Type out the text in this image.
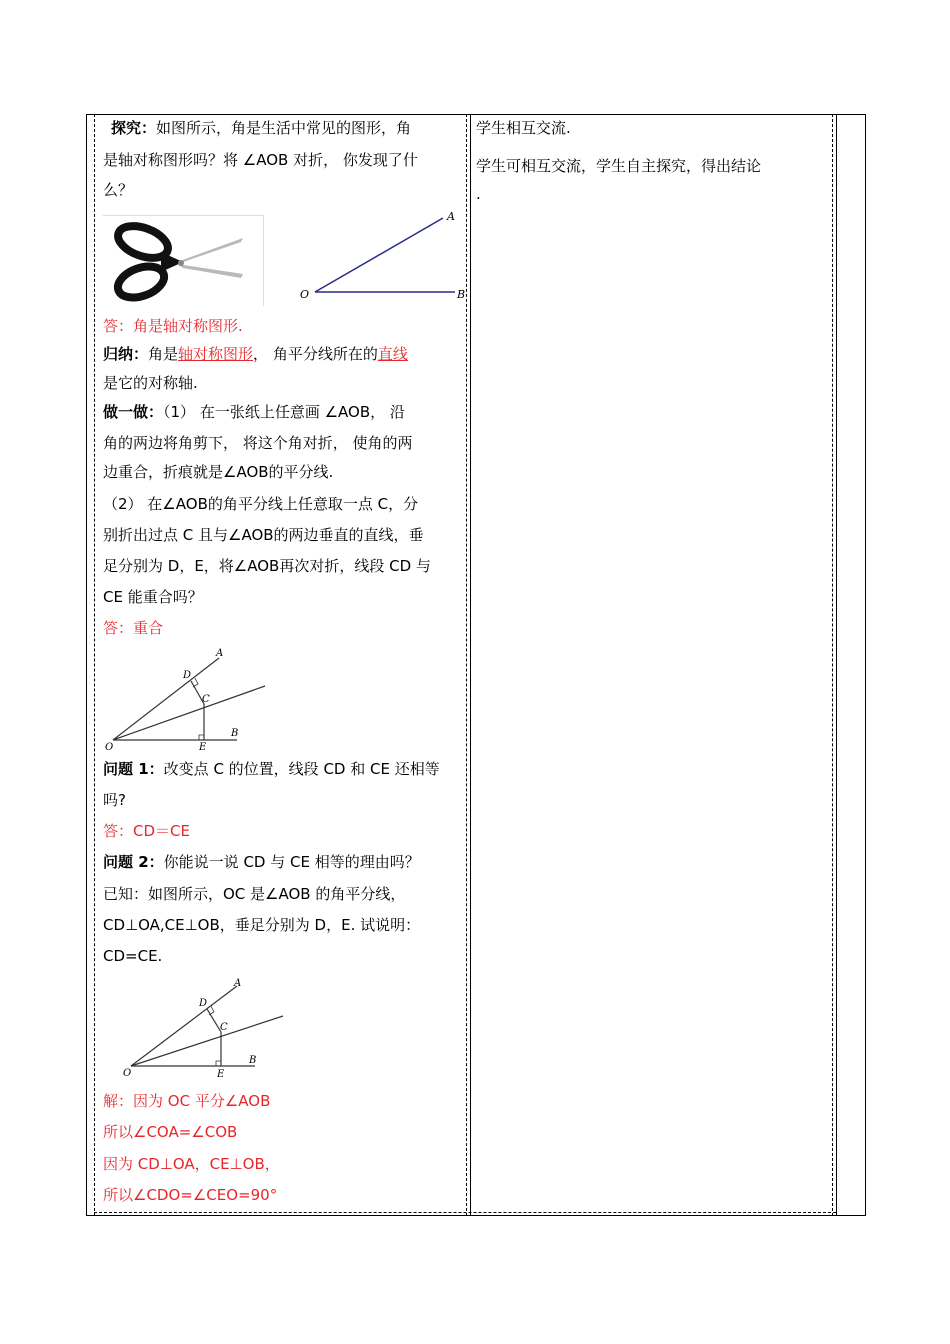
探究：如图所示，角是生活中常见的图形，角
是轴对称图形吗？将 ∠AOB 对折， 你发现了什
么？
A
O	B
答：角是轴对称图形.
归纳：角是轴对称图形， 角平分线所在的直线
是它的对称轴.
做一做：（1） 在一张纸上任意画 ∠AOB， 沿
角的两边将角剪下， 将这个角对折， 使角的两
边重合，折痕就是∠AOB的平分线.
（2） 在∠AOB的角平分线上任意取一点 C，分
别折出过点 C 且与∠AOB的两边垂直的直线，垂
足分别为 D，E，将∠AOB再次对折，线段 CD 与
CE 能重合吗？
答：重合
A
D
C
O	E
B
问题 1：改变点 C 的位置，线段 CD 和 CE 还相等
吗?
答：CD＝CE
问题 2：你能说一说 CD 与 CE 相等的理由吗？
已知：如图所示，OC 是∠AOB 的角平分线，
CD⊥OA,CE⊥OB，垂足分别为 D，E. 试说明：
CD=CE.
A
D
C
O	E
B
解：因为 OC 平分∠AOB
所以∠COA=∠COB
因为 CD⊥OA，CE⊥OB，
所以∠CDO=∠CEO=90°
学生相互交流.
学生可相互交流，学生自主探究，得出结论
.
